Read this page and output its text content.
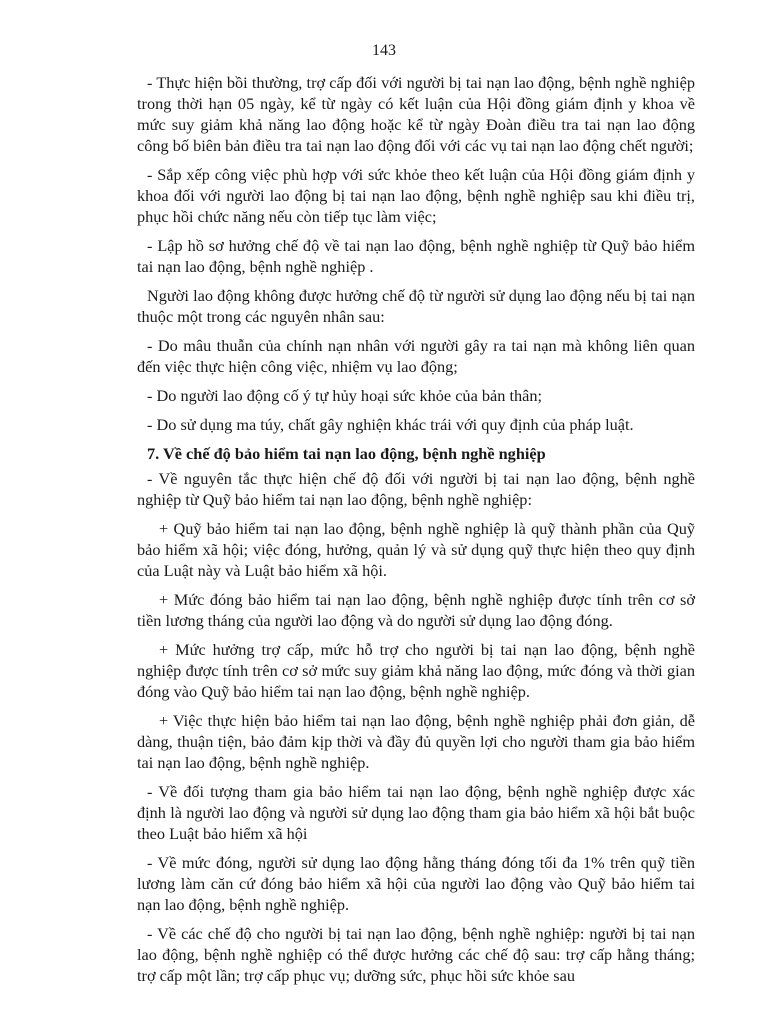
143

- Thực hiện bồi thường, trợ cấp đối với người bị tai nạn lao động, bệnh nghề nghiệp trong thời hạn 05 ngày, kể từ ngày có kết luận của Hội đồng giám định y khoa về mức suy giảm khả năng lao động hoặc kể từ ngày Đoàn điều tra tai nạn lao động công bố biên bản điều tra tai nạn lao động đối với các vụ tai nạn lao động chết người;

- Sắp xếp công việc phù hợp với sức khỏe theo kết luận của Hội đồng giám định y khoa đối với người lao động bị tai nạn lao động, bệnh nghề nghiệp sau khi điều trị, phục hồi chức năng nếu còn tiếp tục làm việc;

- Lập hồ sơ hưởng chế độ về tai nạn lao động, bệnh nghề nghiệp từ Quỹ bảo hiểm tai nạn lao động, bệnh nghề nghiệp .

Người lao động không được hưởng chế độ từ người sử dụng lao động nếu bị tai nạn thuộc một trong các nguyên nhân sau:

- Do mâu thuẫn của chính nạn nhân với người gây ra tai nạn mà không liên quan đến việc thực hiện công việc, nhiệm vụ lao động;

- Do người lao động cố ý tự hủy hoại sức khỏe của bản thân;

- Do sử dụng ma túy, chất gây nghiện khác trái với quy định của pháp luật.

7. Về chế độ bảo hiểm tai nạn lao động, bệnh nghề nghiệp

- Về nguyên tắc thực hiện chế độ đối với người bị tai nạn lao động, bệnh nghề nghiệp từ Quỹ bảo hiểm tai nạn lao động, bệnh nghề nghiệp:

+ Quỹ bảo hiểm tai nạn lao động, bệnh nghề nghiệp là quỹ thành phần của Quỹ bảo hiểm xã hội; việc đóng, hưởng, quản lý và sử dụng quỹ thực hiện theo quy định của Luật này và Luật bảo hiểm xã hội.

+ Mức đóng bảo hiểm tai nạn lao động, bệnh nghề nghiệp được tính trên cơ sở tiền lương tháng của người lao động và do người sử dụng lao động đóng.

+ Mức hưởng trợ cấp, mức hỗ trợ cho người bị tai nạn lao động, bệnh nghề nghiệp được tính trên cơ sở mức suy giảm khả năng lao động, mức đóng và thời gian đóng vào Quỹ bảo hiểm tai nạn lao động, bệnh nghề nghiệp.

+ Việc thực hiện bảo hiểm tai nạn lao động, bệnh nghề nghiệp phải đơn giản, dễ dàng, thuận tiện, bảo đảm kịp thời và đầy đủ quyền lợi cho người tham gia bảo hiểm tai nạn lao động, bệnh nghề nghiệp.

- Về đối tượng tham gia bảo hiểm tai nạn lao động, bệnh nghề nghiệp được xác định là người lao động và người sử dụng lao động tham gia bảo hiểm xã hội bắt buộc theo Luật bảo hiểm xã hội

- Về mức đóng, người sử dụng lao động hằng tháng đóng tối đa 1% trên quỹ tiền lương làm căn cứ đóng bảo hiểm xã hội của người lao động vào Quỹ bảo hiểm tai nạn lao động, bệnh nghề nghiệp.

- Về các chế độ cho người bị tai nạn lao động, bệnh nghề nghiệp: người bị tai nạn lao động, bệnh nghề nghiệp có thể được hưởng các chế độ sau: trợ cấp hằng tháng; trợ cấp một lần; trợ cấp phục vụ; dưỡng sức, phục hồi sức khỏe sau
